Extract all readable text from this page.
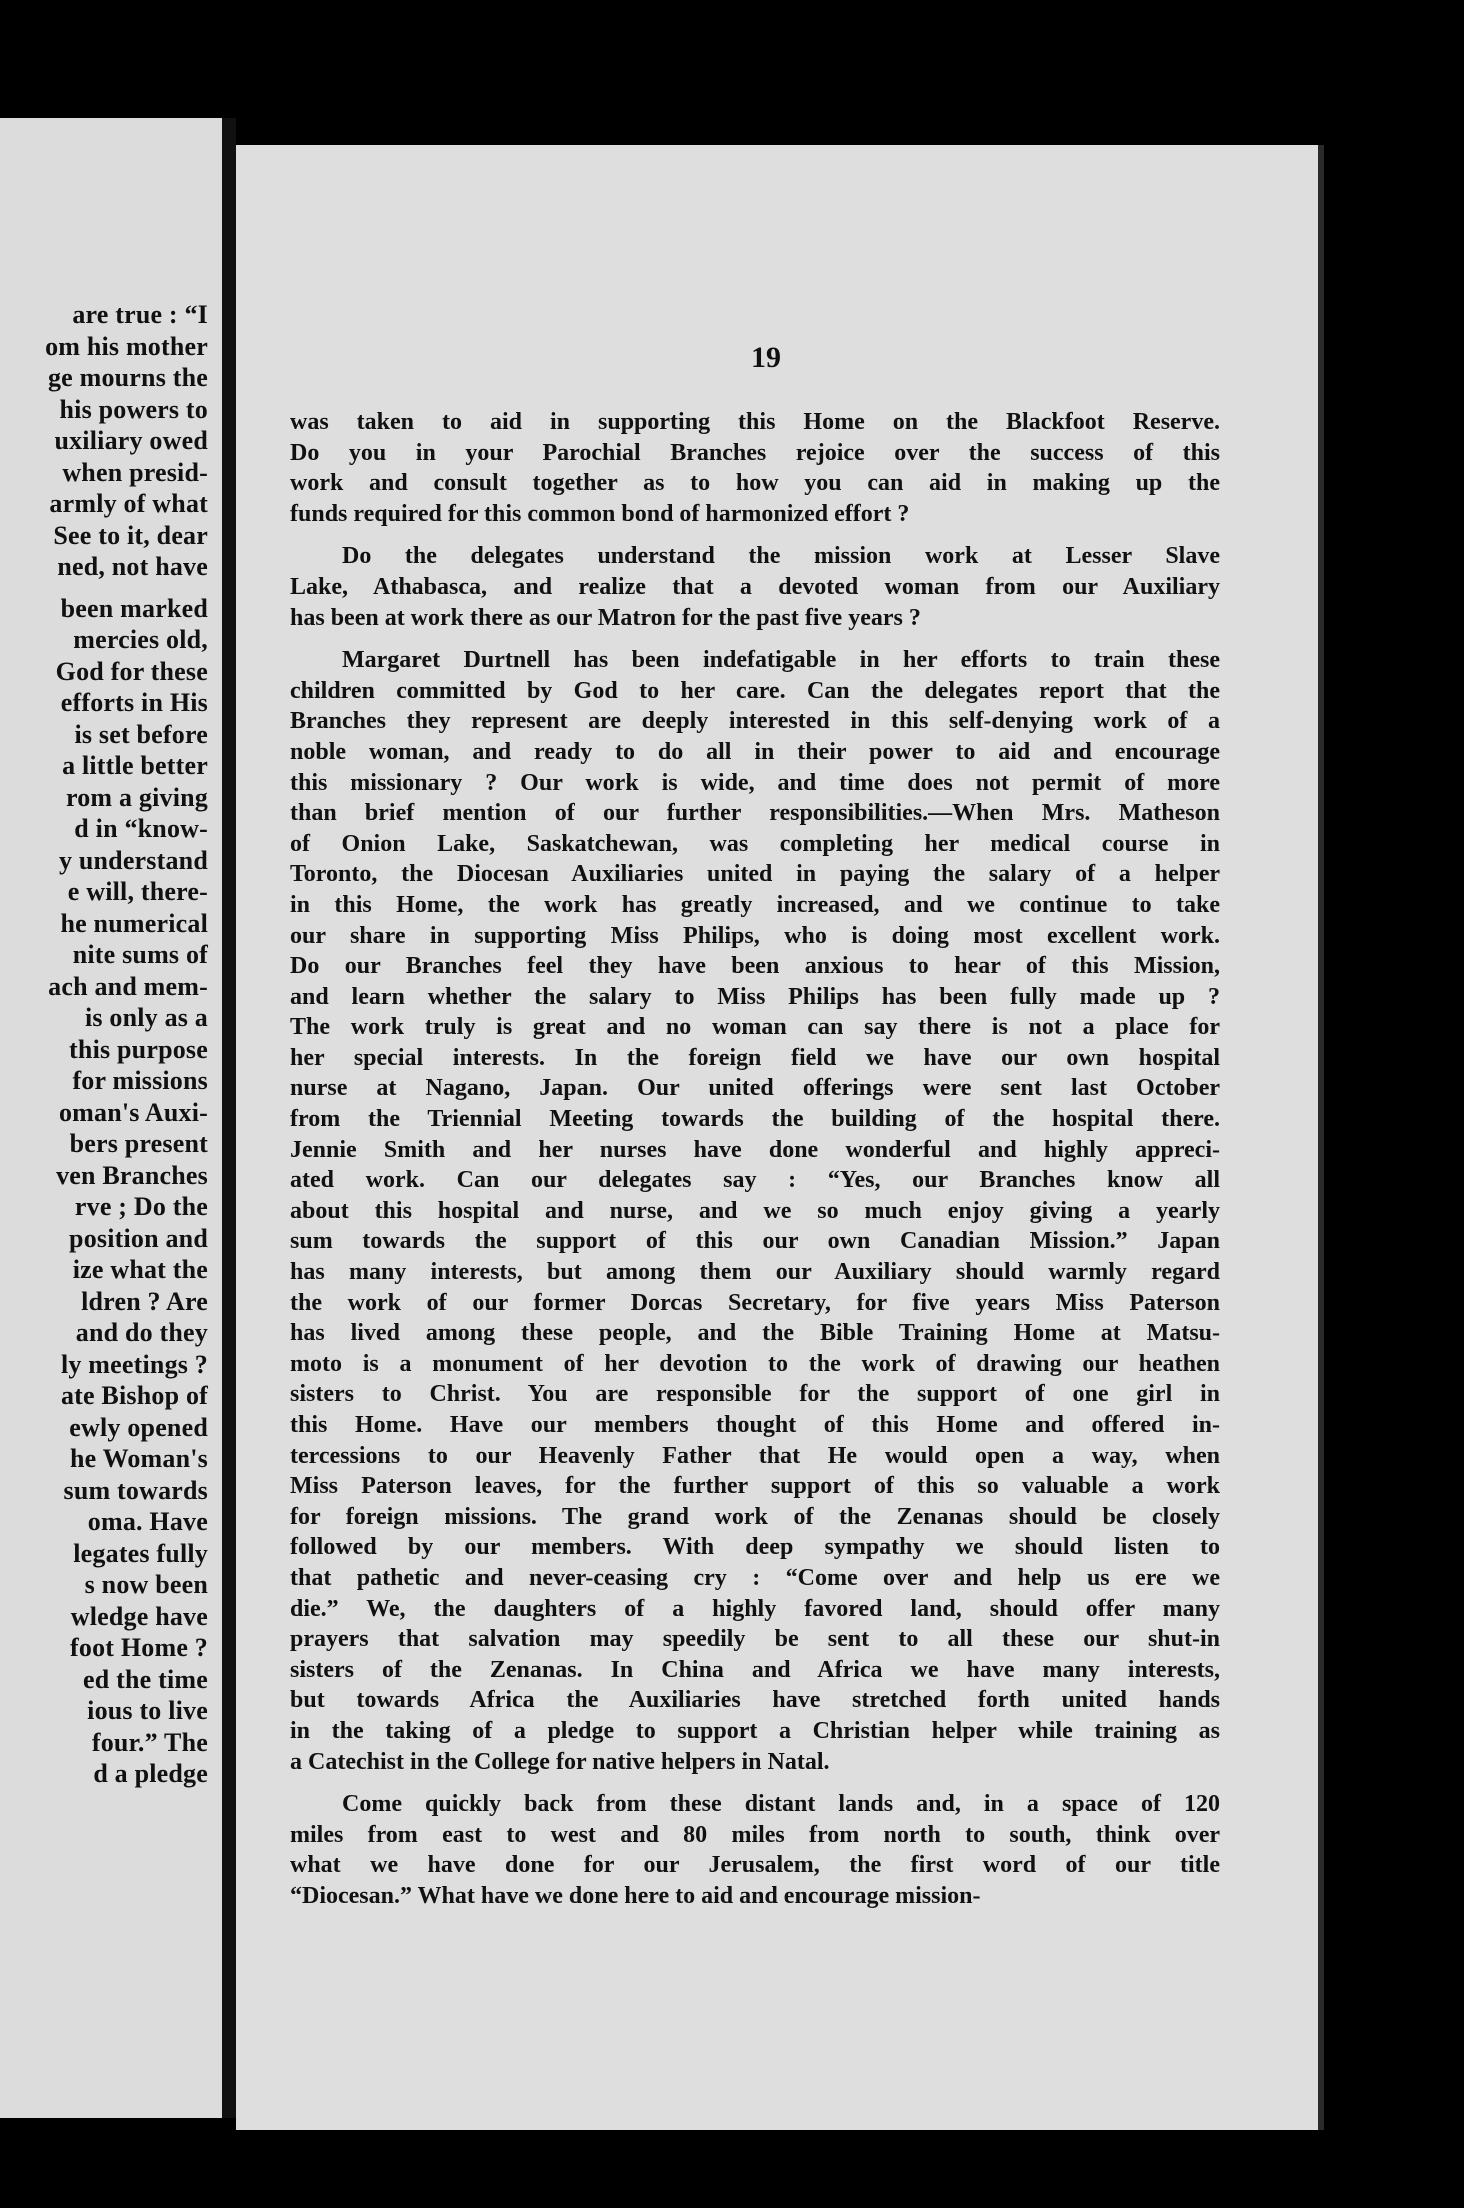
are true : “I
om his mother
ge mourns the
his powers to
uxiliary owed
when presid-
armly of what
See to it, dear
ned, not have
been marked
mercies old,
God for these
efforts in His
is set before
a little better
rom a giving
d in “know-
y understand
e will, there-
he numerical
nite sums of
ach and mem-
is only as a
this purpose
for missions
oman's Auxi-
bers present
ven Branches
rve ; Do the
position and
ize what the
ldren ? Are
and do they
ly meetings ?
ate Bishop of
ewly opened
he Woman's
sum towards
oma. Have
legates fully
s now been
wledge have
foot Home ?
ed the time
ious to live
four.” The
d a pledge
19
was taken to aid in supporting this Home on the Blackfoot Reserve.
Do you in your Parochial Branches rejoice over the success of this
work and consult together as to how you can aid in making up the
funds required for this common bond of harmonized effort ?
Do the delegates understand the mission work at Lesser Slave
Lake, Athabasca, and realize that a devoted woman from our Auxiliary
has been at work there as our Matron for the past five years ?
Margaret Durtnell has been indefatigable in her efforts to train these
children committed by God to her care. Can the delegates report that the
Branches they represent are deeply interested in this self-denying work of a
noble woman, and ready to do all in their power to aid and encourage
this missionary ? Our work is wide, and time does not permit of more
than brief mention of our further responsibilities.—When Mrs. Matheson
of Onion Lake, Saskatchewan, was completing her medical course in
Toronto, the Diocesan Auxiliaries united in paying the salary of a helper
in this Home, the work has greatly increased, and we continue to take
our share in supporting Miss Philips, who is doing most excellent work.
Do our Branches feel they have been anxious to hear of this Mission,
and learn whether the salary to Miss Philips has been fully made up ?
The work truly is great and no woman can say there is not a place for
her special interests. In the foreign field we have our own hospital
nurse at Nagano, Japan. Our united offerings were sent last October
from the Triennial Meeting towards the building of the hospital there.
Jennie Smith and her nurses have done wonderful and highly appreci-
ated work. Can our delegates say : “Yes, our Branches know all
about this hospital and nurse, and we so much enjoy giving a yearly
sum towards the support of this our own Canadian Mission.” Japan
has many interests, but among them our Auxiliary should warmly regard
the work of our former Dorcas Secretary, for five years Miss Paterson
has lived among these people, and the Bible Training Home at Matsu-
moto is a monument of her devotion to the work of drawing our heathen
sisters to Christ. You are responsible for the support of one girl in
this Home. Have our members thought of this Home and offered in-
tercessions to our Heavenly Father that He would open a way, when
Miss Paterson leaves, for the further support of this so valuable a work
for foreign missions. The grand work of the Zenanas should be closely
followed by our members. With deep sympathy we should listen to
that pathetic and never-ceasing cry : “Come over and help us ere we
die.” We, the daughters of a highly favored land, should offer many
prayers that salvation may speedily be sent to all these our shut-in
sisters of the Zenanas. In China and Africa we have many interests,
but towards Africa the Auxiliaries have stretched forth united hands
in the taking of a pledge to support a Christian helper while training as
a Catechist in the College for native helpers in Natal.
Come quickly back from these distant lands and, in a space of 120
miles from east to west and 80 miles from north to south, think over
what we have done for our Jerusalem, the first word of our title
“Diocesan.” What have we done here to aid and encourage mission-
